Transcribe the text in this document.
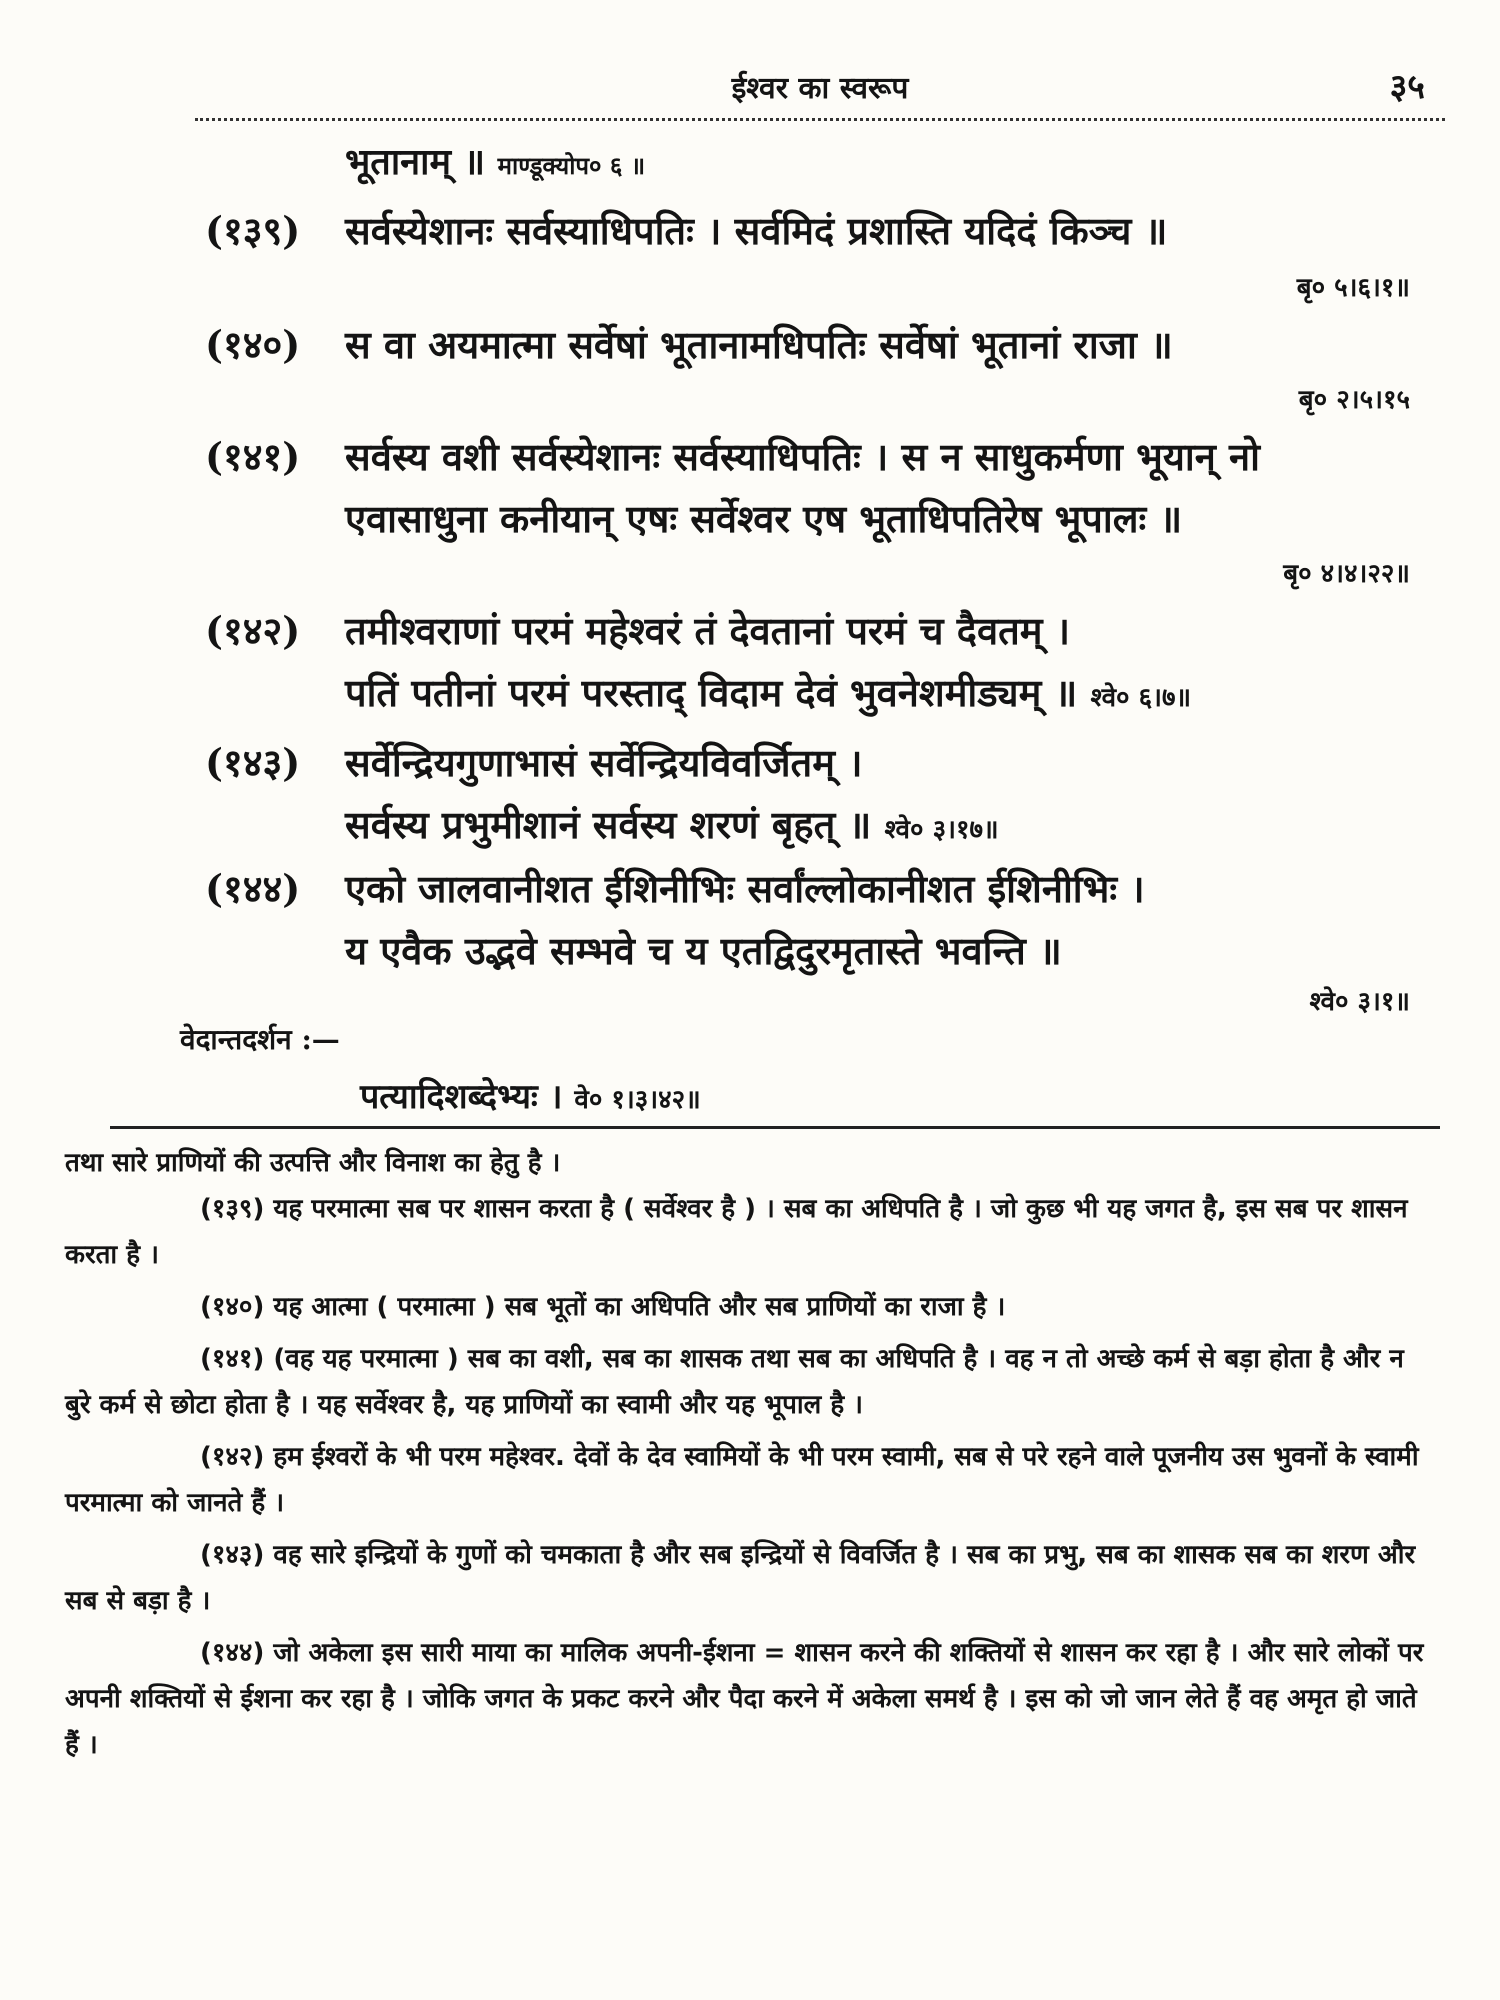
ईश्वर का स्वरूप	३५
भूतानाम् ॥ माण्डूक्योप० ६ ॥
(१३९) सर्वस्येशानः सर्वस्याधिपतिः । सर्वमिदं प्रशास्ति यदिदं किञ्च ॥
बृ० ५।६।१॥
(१४०) स वा अयमात्मा सर्वेषां भूतानामधिपतिः सर्वेषां भूतानां राजा ॥
बृ० २।५।१५
(१४१) सर्वस्य वशी सर्वस्येशानः सर्वस्याधिपतिः । स न साधुकर्मणा भूयान् नो
एवासाधुना कनीयान् एषः सर्वेश्वर एष भूताधिपतिरेष भूपालः ॥
बृ० ४।४।२२॥
(१४२) तमीश्वराणां परमं महेश्वरं तं देवतानां परमं च दैवतम् ।
पतिं पतीनां परमं परस्ताद् विदाम देवं भुवनेशमीड्यम् ॥ श्वे० ६।७॥
(१४३) सर्वेन्द्रियगुणाभासं सर्वेन्द्रियविवर्जितम् ।
सर्वस्य प्रभुमीशानं सर्वस्य शरणं बृहत् ॥ श्वे० ३।१७॥
(१४४) एको जालवानीशत ईशिनीभिः सर्वांल्लोकानीशत ईशिनीभिः ।
य एवैक उद्भवे सम्भवे च य एतद्विदुरमृतास्ते भवन्ति ॥
श्वे० ३।१॥
वेदान्तदर्शन :—
पत्यादिशब्देभ्यः । वे० १।३।४२॥

तथा सारे प्राणियों की उत्पत्ति और विनाश का हेतु है ।

(१३९) यह परमात्मा सब पर शासन करता है ( सर्वेश्वर है ) । सब का अधिपति है । जो कुछ भी यह जगत है, इस सब पर शासन करता है ।

(१४०) यह आत्मा ( परमात्मा ) सब भूतों का अधिपति और सब प्राणियों का राजा है ।

(१४१) (वह यह परमात्मा ) सब का वशी, सब का शासक तथा सब का अधिपति है । वह न तो अच्छे कर्म से बड़ा होता है और न बुरे कर्म से छोटा होता है । यह सर्वेश्वर है, यह प्राणियों का स्वामी और यह भूपाल है ।

(१४२) हम ईश्वरों के भी परम महेश्वर. देवों के देव स्वामियों के भी परम स्वामी, सब से परे रहने वाले पूजनीय उस भुवनों के स्वामी परमात्मा को जानते हैं ।

(१४३) वह सारे इन्द्रियों के गुणों को चमकाता है और सब इन्द्रियों से विवर्जित है । सब का प्रभु, सब का शासक सब का शरण और सब से बड़ा है ।

(१४४) जो अकेला इस सारी माया का मालिक अपनी-ईशना = शासन करने की शक्तियों से शासन कर रहा है । और सारे लोकों पर अपनी शक्तियों से ईशना कर रहा है । जोकि जगत के प्रकट करने और पैदा करने में अकेला समर्थ है । इस को जो जान लेते हैं वह अमृत हो जाते हैं ।
